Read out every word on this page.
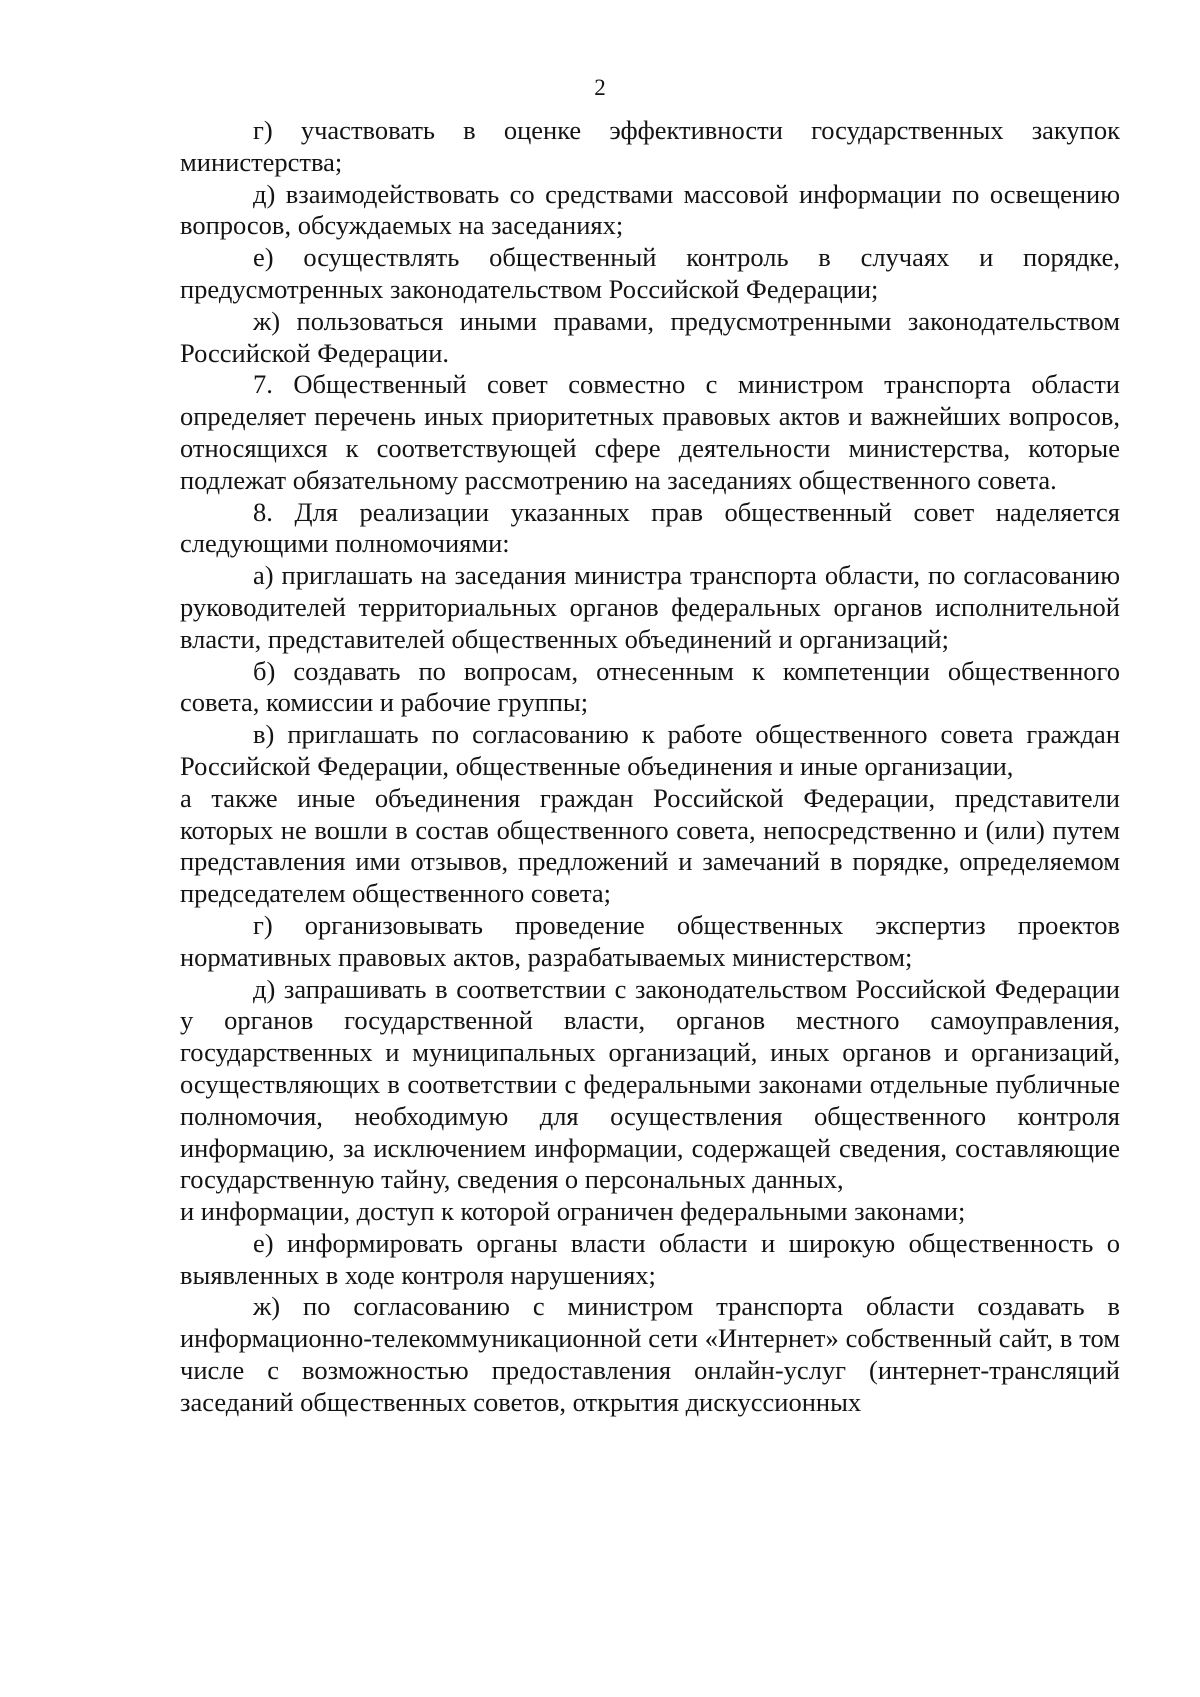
2

г) участвовать в оценке эффективности государственных закупок министерства;

д) взаимодействовать со средствами массовой информации по освещению вопросов, обсуждаемых на заседаниях;

е) осуществлять общественный контроль в случаях и порядке, предусмотренных законодательством Российской Федерации;

ж) пользоваться иными правами, предусмотренными законодательством Российской Федерации.

7. Общественный совет совместно с министром транспорта области определяет перечень иных приоритетных правовых актов и важнейших вопросов, относящихся к соответствующей сфере деятельности министерства, которые подлежат обязательному рассмотрению на заседаниях общественного совета.

8. Для реализации указанных прав общественный совет наделяется следующими полномочиями:

а) приглашать на заседания министра транспорта области, по согласованию руководителей территориальных органов федеральных органов исполнительной власти, представителей общественных объединений и организаций;

б) создавать по вопросам, отнесенным к компетенции общественного совета, комиссии и рабочие группы;

в) приглашать по согласованию к работе общественного совета граждан Российской Федерации, общественные объединения и иные организации,

а также иные объединения граждан Российской Федерации, представители которых не вошли в состав общественного совета, непосредственно и (или) путем представления ими отзывов, предложений и замечаний в порядке, определяемом председателем общественного совета;

г) организовывать проведение общественных экспертиз проектов нормативных правовых актов, разрабатываемых министерством;

д) запрашивать в соответствии с законодательством Российской Федерации у органов государственной власти, органов местного самоуправления, государственных и муниципальных организаций, иных органов и организаций, осуществляющих в соответствии с федеральными законами отдельные публичные полномочия, необходимую для осуществления общественного контроля информацию, за исключением информации, содержащей сведения, составляющие государственную тайну, сведения о персональных данных,

и информации, доступ к которой ограничен федеральными законами;

е) информировать органы власти области и широкую общественность о выявленных в ходе контроля нарушениях;

ж) по согласованию с министром транспорта области создавать в информационно-телекоммуникационной сети «Интернет» собственный сайт, в том числе с возможностью предоставления онлайн-услуг (интернет-трансляций заседаний общественных советов, открытия дискуссионных
